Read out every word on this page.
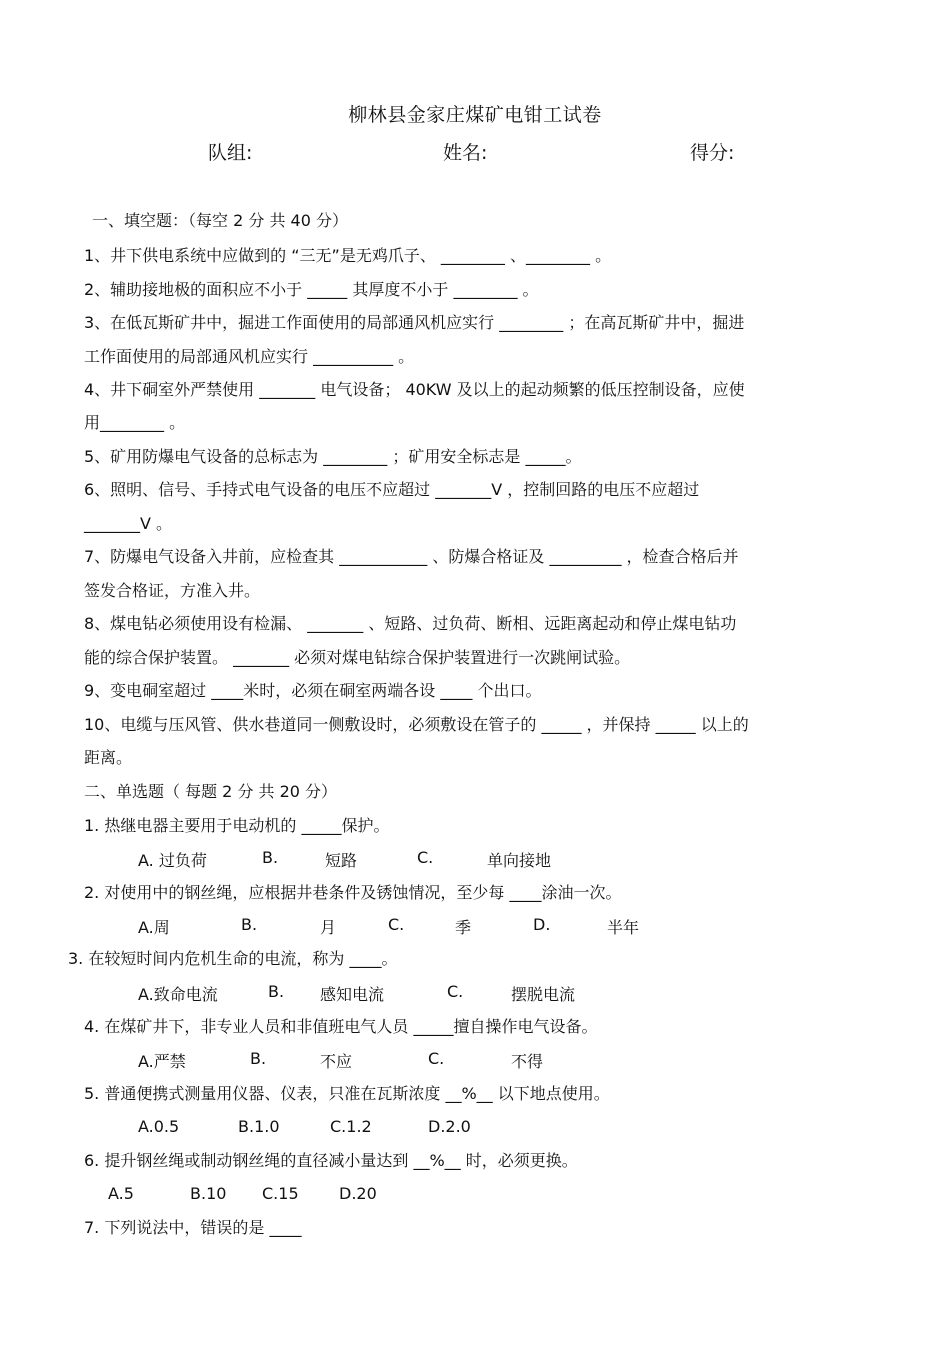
柳林县金家庄煤矿电钳工试卷
队组:	姓名:	得分:
一、填空题：（每空 2 分 共 40 分）
1、井下供电系统中应做到的 “三无”是无鸡爪子、 ________ 、________ 。
2、辅助接地极的面积应不小于 _____ 其厚度不小于 ________ 。
3、在低瓦斯矿井中，掘进工作面使用的局部通风机应实行 ________ ；在高瓦斯矿井中，掘进
工作面使用的局部通风机应实行 __________ 。
4、井下硐室外严禁使用 _______ 电气设备； 40KW 及以上的起动频繁的低压控制设备，应使
用________ 。
5、矿用防爆电气设备的总标志为 ________ ；矿用安全标志是 _____。
6、照明、信号、手持式电气设备的电压不应超过 _______V ，控制回路的电压不应超过
_______V 。
7、防爆电气设备入井前，应检查其 ___________ 、防爆合格证及 _________ ，检查合格后并
签发合格证，方准入井。
8、煤电钻必须使用设有检漏、 _______ 、短路、过负荷、断相、远距离起动和停止煤电钻功
能的综合保护装置。 _______ 必须对煤电钻综合保护装置进行一次跳闸试验。
9、变电硐室超过 ____米时，必须在硐室两端各设 ____ 个出口。
10、电缆与压风管、供水巷道同一侧敷设时，必须敷设在管子的 _____ ，并保持 _____ 以上的
距离。
二、单选题（ 每题 2 分 共 20 分）
1. 热继电器主要用于电动机的 _____保护。
A. 过负荷	B.	短路	C.	单向接地
2. 对使用中的钢丝绳，应根据井巷条件及锈蚀情况，至少每 ____涂油一次。
A.周	B.	月	C.	季	D.	半年
3. 在较短时间内危机生命的电流，称为 ____。
A.致命电流	B. 感知电流	C.	摆脱电流
4. 在煤矿井下，非专业人员和非值班电气人员 _____擅自操作电气设备。
A.严禁	B.	不应	C.	不得
5. 普通便携式测量用仪器、仪表，只准在瓦斯浓度 __%__ 以下地点使用。
A.0.5	B.1.0	C.1.2	D.2.0
6. 提升钢丝绳或制动钢丝绳的直径减小量达到 __%__ 时，必须更换。
A.5	B.10 C.15	D.20
7. 下列说法中，错误的是 ____
